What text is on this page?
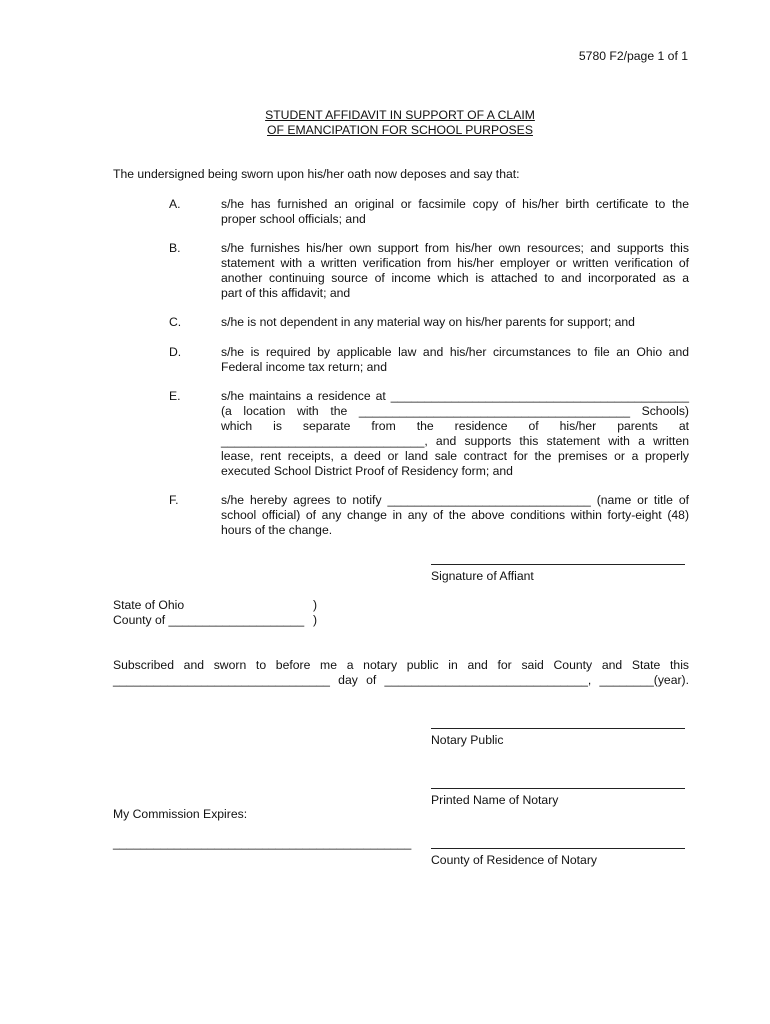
5780 F2/page 1 of 1
STUDENT AFFIDAVIT IN SUPPORT OF A CLAIM
OF EMANCIPATION FOR SCHOOL PURPOSES
The undersigned being sworn upon his/her oath now deposes and say that:
A.	s/he has furnished an original or facsimile copy of his/her birth certificate to the
proper school officials; and
B.	s/he furnishes his/her own support from his/her own resources; and supports this
statement with a written verification from his/her employer or written verification of
another continuing source of income which is attached to and incorporated as a
part of this affidavit; and
C.	s/he is not dependent in any material way on his/her parents for support; and
D.	s/he is required by applicable law and his/her circumstances to file an Ohio and
Federal income tax return; and
E.	s/he maintains a residence at ____________________________________________
(a location with the ________________________________________ Schools)
which is separate from the residence of his/her parents at
______________________________, and supports this statement with a written
lease, rent receipts, a deed or land sale contract for the premises or a properly
executed School District Proof of Residency form; and
F.	s/he hereby agrees to notify ______________________________ (name or title of
school official) of any change in any of the above conditions within forty-eight (48)
hours of the change.
Signature of Affiant
State of Ohio	)
County of ____________________ )
Subscribed and sworn to before me a notary public in and for said County and State this
________________________________ day of ______________________________, ________(year).
Notary Public
Printed Name of Notary
My Commission Expires:
____________________________________________
County of Residence of Notary
